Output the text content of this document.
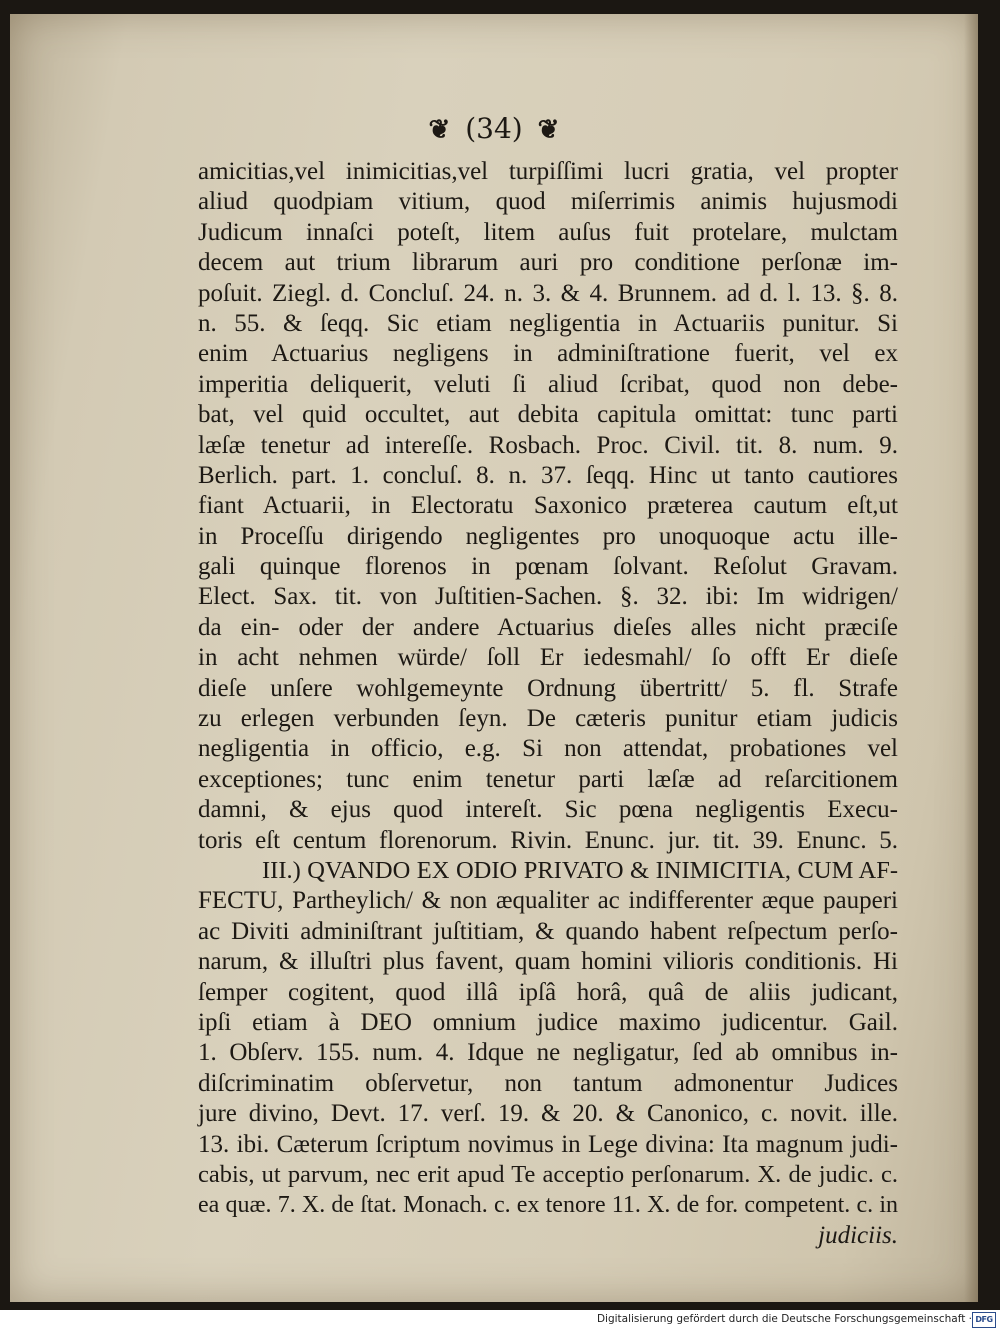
❦ (34) ❦
amicitias,vel inimicitias,vel turpiſſimi lucri gratia, vel propter
aliud quodpiam vitium, quod miſerrimis animis hujusmodi
Judicum innaſci poteſt, litem auſus fuit protelare, mulctam
decem aut trium librarum auri pro conditione perſonæ im-
poſuit. Ziegl. d. Concluſ. 24. n. 3. & 4. Brunnem. ad d. l. 13. §. 8.
n. 55. & ſeqq. Sic etiam negligentia in Actuariis punitur. Si
enim Actuarius negligens in adminiſtratione fuerit, vel ex
imperitia deliquerit, veluti ſi aliud ſcribat, quod non debe-
bat, vel quid occultet, aut debita capitula omittat: tunc parti
læſæ tenetur ad intereſſe. Rosbach. Proc. Civil. tit. 8. num. 9.
Berlich. part. 1. concluſ. 8. n. 37. ſeqq. Hinc ut tanto cautiores
fiant Actuarii, in Electoratu Saxonico præterea cautum eſt,ut
in Proceſſu dirigendo negligentes pro unoquoque actu ille-
gali quinque florenos in pœnam ſolvant. Reſolut Gravam.
Elect. Sax. tit. von Juſtitien-Sachen. §. 32. ibi: Im widrigen/
da ein- oder der andere Actuarius dieſes alles nicht præciſe
in acht nehmen würde/ ſoll Er iedesmahl/ ſo offt Er dieſe
dieſe unſere wohlgemeynte Ordnung übertritt/ 5. fl. Strafe
zu erlegen verbunden ſeyn. De cæteris punitur etiam judicis
negligentia in officio, e.g. Si non attendat, probationes vel
exceptiones; tunc enim tenetur parti læſæ ad reſarcitionem
damni, & ejus quod intereſt. Sic pœna negligentis Execu-
toris eſt centum florenorum. Rivin. Enunc. jur. tit. 39. Enunc. 5.
III.) QVANDO EX ODIO PRIVATO & INIMICITIA, CUM AF-
FECTU, Partheylich/ & non æqualiter ac indifferenter æque pauperi
ac Diviti adminiſtrant juſtitiam, & quando habent reſpectum perſo-
narum, & illuſtri plus favent, quam homini vilioris conditionis. Hi
ſemper cogitent, quod illâ ipſâ horâ, quâ de aliis judicant,
ipſi etiam à DEO omnium judice maximo judicentur. Gail.
1. Obſerv. 155. num. 4. Idque ne negligatur, ſed ab omnibus in-
diſcriminatim obſervetur, non tantum admonentur Judices
jure divino, Devt. 17. verſ. 19. & 20. & Canonico, c. novit. ille.
13. ibi. Cæterum ſcriptum novimus in Lege divina: Ita magnum judi-
cabis, ut parvum, nec erit apud Te acceptio perſonarum. X. de judic. c.
ea quæ. 7. X. de ſtat. Monach. c. ex tenore 11. X. de for. competent. c. in
judiciis.
Digitalisierung gefördert durch die Deutsche Forschungsgemeinschaft · DFG
